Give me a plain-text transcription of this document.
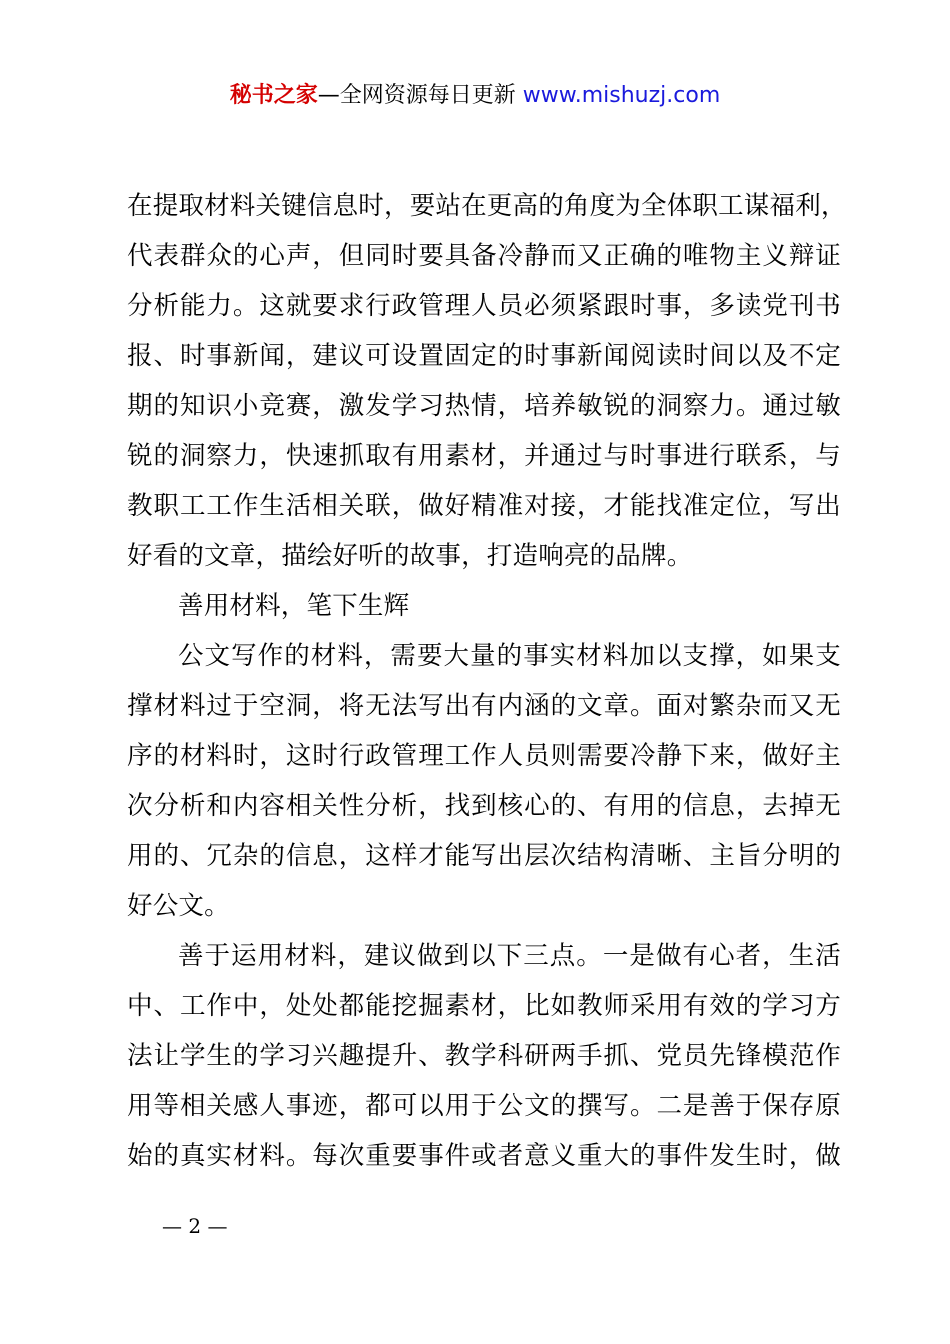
秘书之家—全网资源每日更新 www.mishuzj.com
在提取材料关键信息时，要站在更高的角度为全体职工谋福利，
代表群众的心声，但同时要具备冷静而又正确的唯物主义辩证
分析能力。这就要求行政管理人员必须紧跟时事，多读党刊书
报、时事新闻，建议可设置固定的时事新闻阅读时间以及不定
期的知识小竞赛，激发学习热情，培养敏锐的洞察力。通过敏
锐的洞察力，快速抓取有用素材，并通过与时事进行联系，与
教职工工作生活相关联，做好精准对接，才能找准定位，写出
好看的文章，描绘好听的故事，打造响亮的品牌。
善用材料，笔下生辉
公文写作的材料，需要大量的事实材料加以支撑，如果支
撑材料过于空洞，将无法写出有内涵的文章。面对繁杂而又无
序的材料时，这时行政管理工作人员则需要冷静下来，做好主
次分析和内容相关性分析，找到核心的、有用的信息，去掉无
用的、冗杂的信息，这样才能写出层次结构清晰、主旨分明的
好公文。
善于运用材料，建议做到以下三点。一是做有心者，生活
中、工作中，处处都能挖掘素材，比如教师采用有效的学习方
法让学生的学习兴趣提升、教学科研两手抓、党员先锋模范作
用等相关感人事迹，都可以用于公文的撰写。二是善于保存原
始的真实材料。每次重要事件或者意义重大的事件发生时，做
— 2 —
